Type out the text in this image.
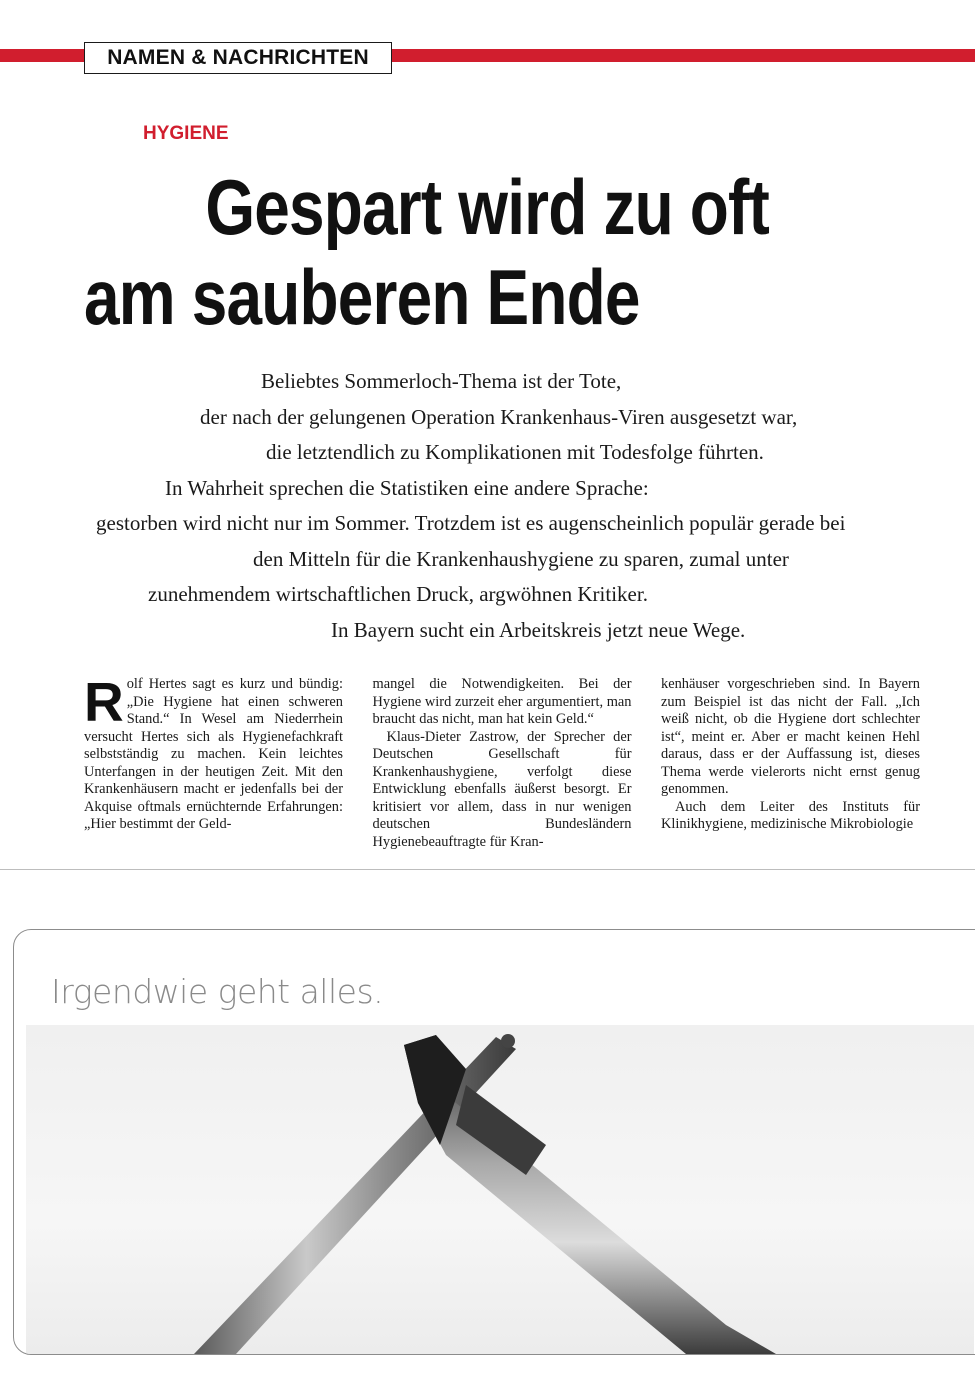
NAMEN & NACHRICHTEN
HYGIENE
Gespart wird zu oft
am sauberen Ende
Beliebtes Sommerloch-Thema ist der Tote,
der nach der gelungenen Operation Krankenhaus-Viren ausgesetzt war,
die letztendlich zu Komplikationen mit Todesfolge führten.
In Wahrheit sprechen die Statistiken eine andere Sprache:
gestorben wird nicht nur im Sommer. Trotzdem ist es augenscheinlich populär gerade bei
den Mitteln für die Krankenhaushygiene zu sparen, zumal unter
zunehmendem wirtschaftlichen Druck, argwöhnen Kritiker.
In Bayern sucht ein Arbeitskreis jetzt neue Wege.

Rolf Hertes sagt es kurz und bündig: „Die Hygiene hat einen schweren Stand.“ In Wesel am Niederrhein versucht Hertes sich als Hygienefachkraft selbstständig zu machen. Kein leichtes Unterfangen in der heutigen Zeit. Mit den Krankenhäusern macht er jedenfalls bei der Akquise oftmals ernüchternde Erfahrungen: „Hier bestimmt der Geld-

mangel die Notwendigkeiten. Bei der Hygiene wird zurzeit eher argumentiert, man braucht das nicht, man hat kein Geld.“

Klaus-Dieter Zastrow, der Sprecher der Deutschen Gesellschaft für Krankenhaushygiene, verfolgt diese Entwicklung ebenfalls äußerst besorgt. Er kritisiert vor allem, dass in nur wenigen deutschen Bundesländern Hygienebeauftragte für Kran-

kenhäuser vorgeschrieben sind. In Bayern zum Beispiel ist das nicht der Fall. „Ich weiß nicht, ob die Hygiene dort schlechter ist“, meint er. Aber er macht keinen Hehl daraus, dass er der Auffassung ist, dieses Thema werde vielerorts nicht ernst genug genommen.

Auch dem Leiter des Instituts für Klinikhygiene, medizinische Mikrobiologie

Irgendwie geht alles.
